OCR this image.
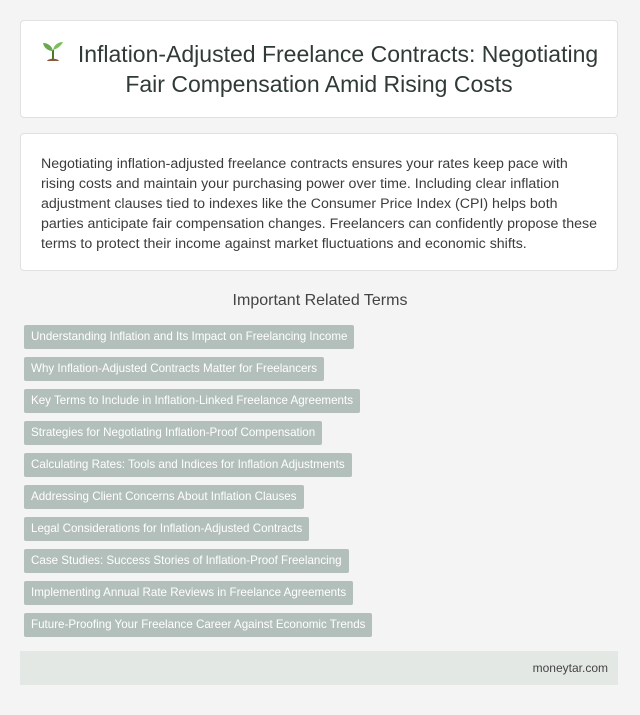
Inflation-Adjusted Freelance Contracts: Negotiating Fair Compensation Amid Rising Costs

Negotiating inflation-adjusted freelance contracts ensures your rates keep pace with rising costs and maintain your purchasing power over time. Including clear inflation adjustment clauses tied to indexes like the Consumer Price Index (CPI) helps both parties anticipate fair compensation changes. Freelancers can confidently propose these terms to protect their income against market fluctuations and economic shifts.

Important Related Terms
Understanding Inflation and Its Impact on Freelancing Income
Why Inflation-Adjusted Contracts Matter for Freelancers
Key Terms to Include in Inflation-Linked Freelance Agreements
Strategies for Negotiating Inflation-Proof Compensation
Calculating Rates: Tools and Indices for Inflation Adjustments
Addressing Client Concerns About Inflation Clauses
Legal Considerations for Inflation-Adjusted Contracts
Case Studies: Success Stories of Inflation-Proof Freelancing
Implementing Annual Rate Reviews in Freelance Agreements
Future-Proofing Your Freelance Career Against Economic Trends
moneytar.com
